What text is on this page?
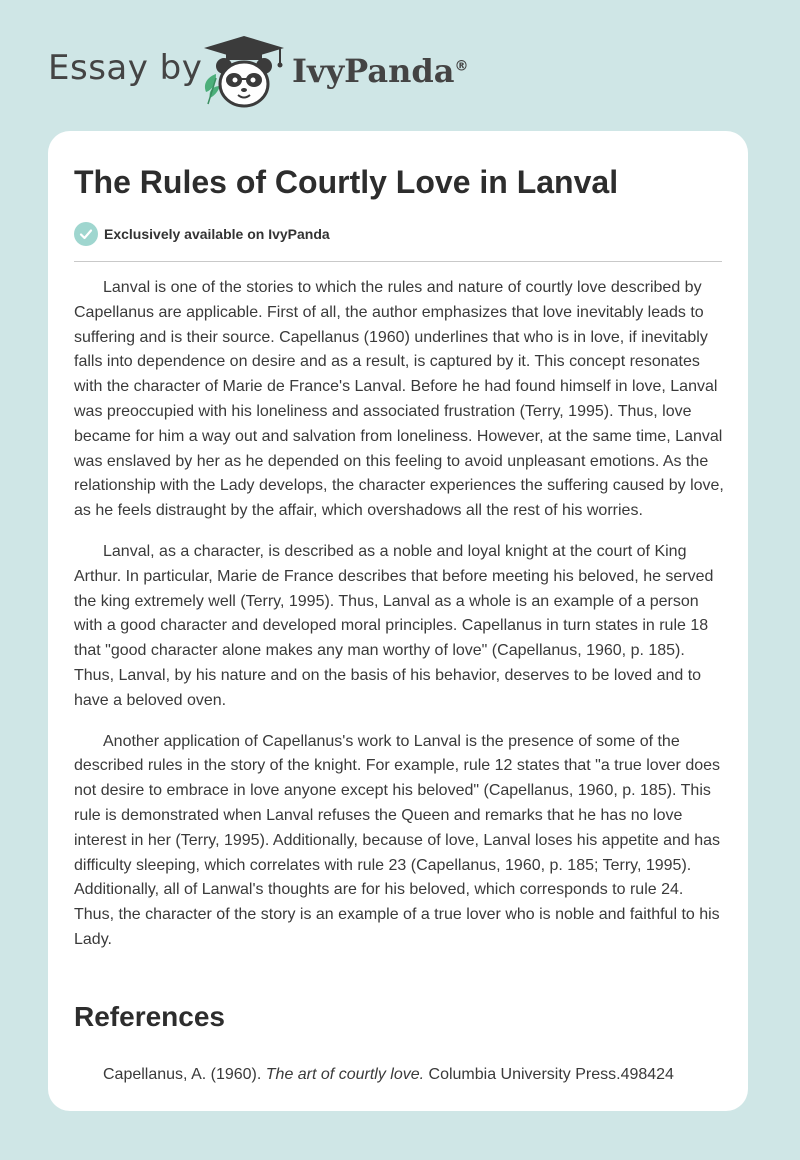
Essay by	IvyPanda®
The Rules of Courtly Love in Lanval
Exclusively available on IvyPanda

Lanval is one of the stories to which the rules and nature of courtly love described by Capellanus are applicable. First of all, the author emphasizes that love inevitably leads to suffering and is their source. Capellanus (1960) underlines that who is in love, if inevitably falls into dependence on desire and as a result, is captured by it. This concept resonates with the character of Marie de France's Lanval. Before he had found himself in love, Lanval was preoccupied with his loneliness and associated frustration (Terry, 1995). Thus, love became for him a way out and salvation from loneliness. However, at the same time, Lanval was enslaved by her as he depended on this feeling to avoid unpleasant emotions. As the relationship with the Lady develops, the character experiences the suffering caused by love, as he feels distraught by the affair, which overshadows all the rest of his worries.

Lanval, as a character, is described as a noble and loyal knight at the court of King Arthur. In particular, Marie de France describes that before meeting his beloved, he served the king extremely well (Terry, 1995). Thus, Lanval as a whole is an example of a person with a good character and developed moral principles. Capellanus in turn states in rule 18 that "good character alone makes any man worthy of love" (Capellanus, 1960, p. 185). Thus, Lanval, by his nature and on the basis of his behavior, deserves to be loved and to have a beloved oven.

Another application of Capellanus's work to Lanval is the presence of some of the described rules in the story of the knight. For example, rule 12 states that "a true lover does not desire to embrace in love anyone except his beloved" (Capellanus, 1960, p. 185). This rule is demonstrated when Lanval refuses the Queen and remarks that he has no love interest in her (Terry, 1995). Additionally, because of love, Lanval loses his appetite and has difficulty sleeping, which correlates with rule 23 (Capellanus, 1960, p. 185; Terry, 1995). Additionally, all of Lanwal's thoughts are for his beloved, which corresponds to rule 24. Thus, the character of the story is an example of a true lover who is noble and faithful to his Lady.

References

Capellanus, A. (1960). The art of courtly love. Columbia University Press.498424
